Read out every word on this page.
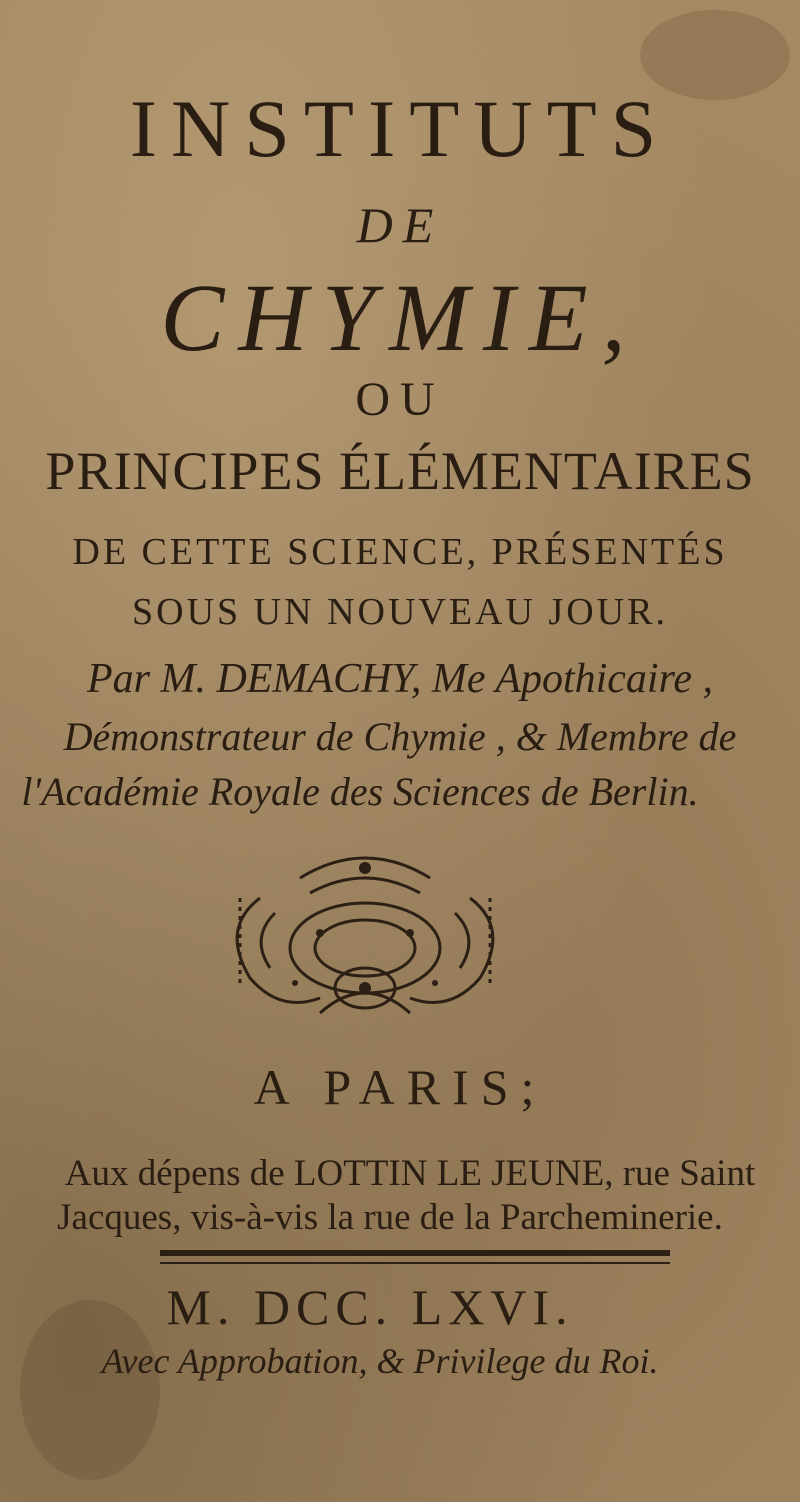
INSTITUTS
DE
CHYMIE,
OU
PRINCIPES ÉLÉMENTAIRES
DE CETTE SCIENCE, PRÉSENTÉS
SOUS UN NOUVEAU JOUR.
Par M. DEMACHY, Me Apothicaire ,
Démonstrateur de Chymie , & Membre de
l'Académie Royale des Sciences de Berlin.
A PARIS;
Aux dépens de LOTTIN LE JEUNE, rue Saint
Jacques, vis-à-vis la rue de la Parcheminerie.
M. DCC. LXVI.
Avec Approbation, & Privilege du Roi.
